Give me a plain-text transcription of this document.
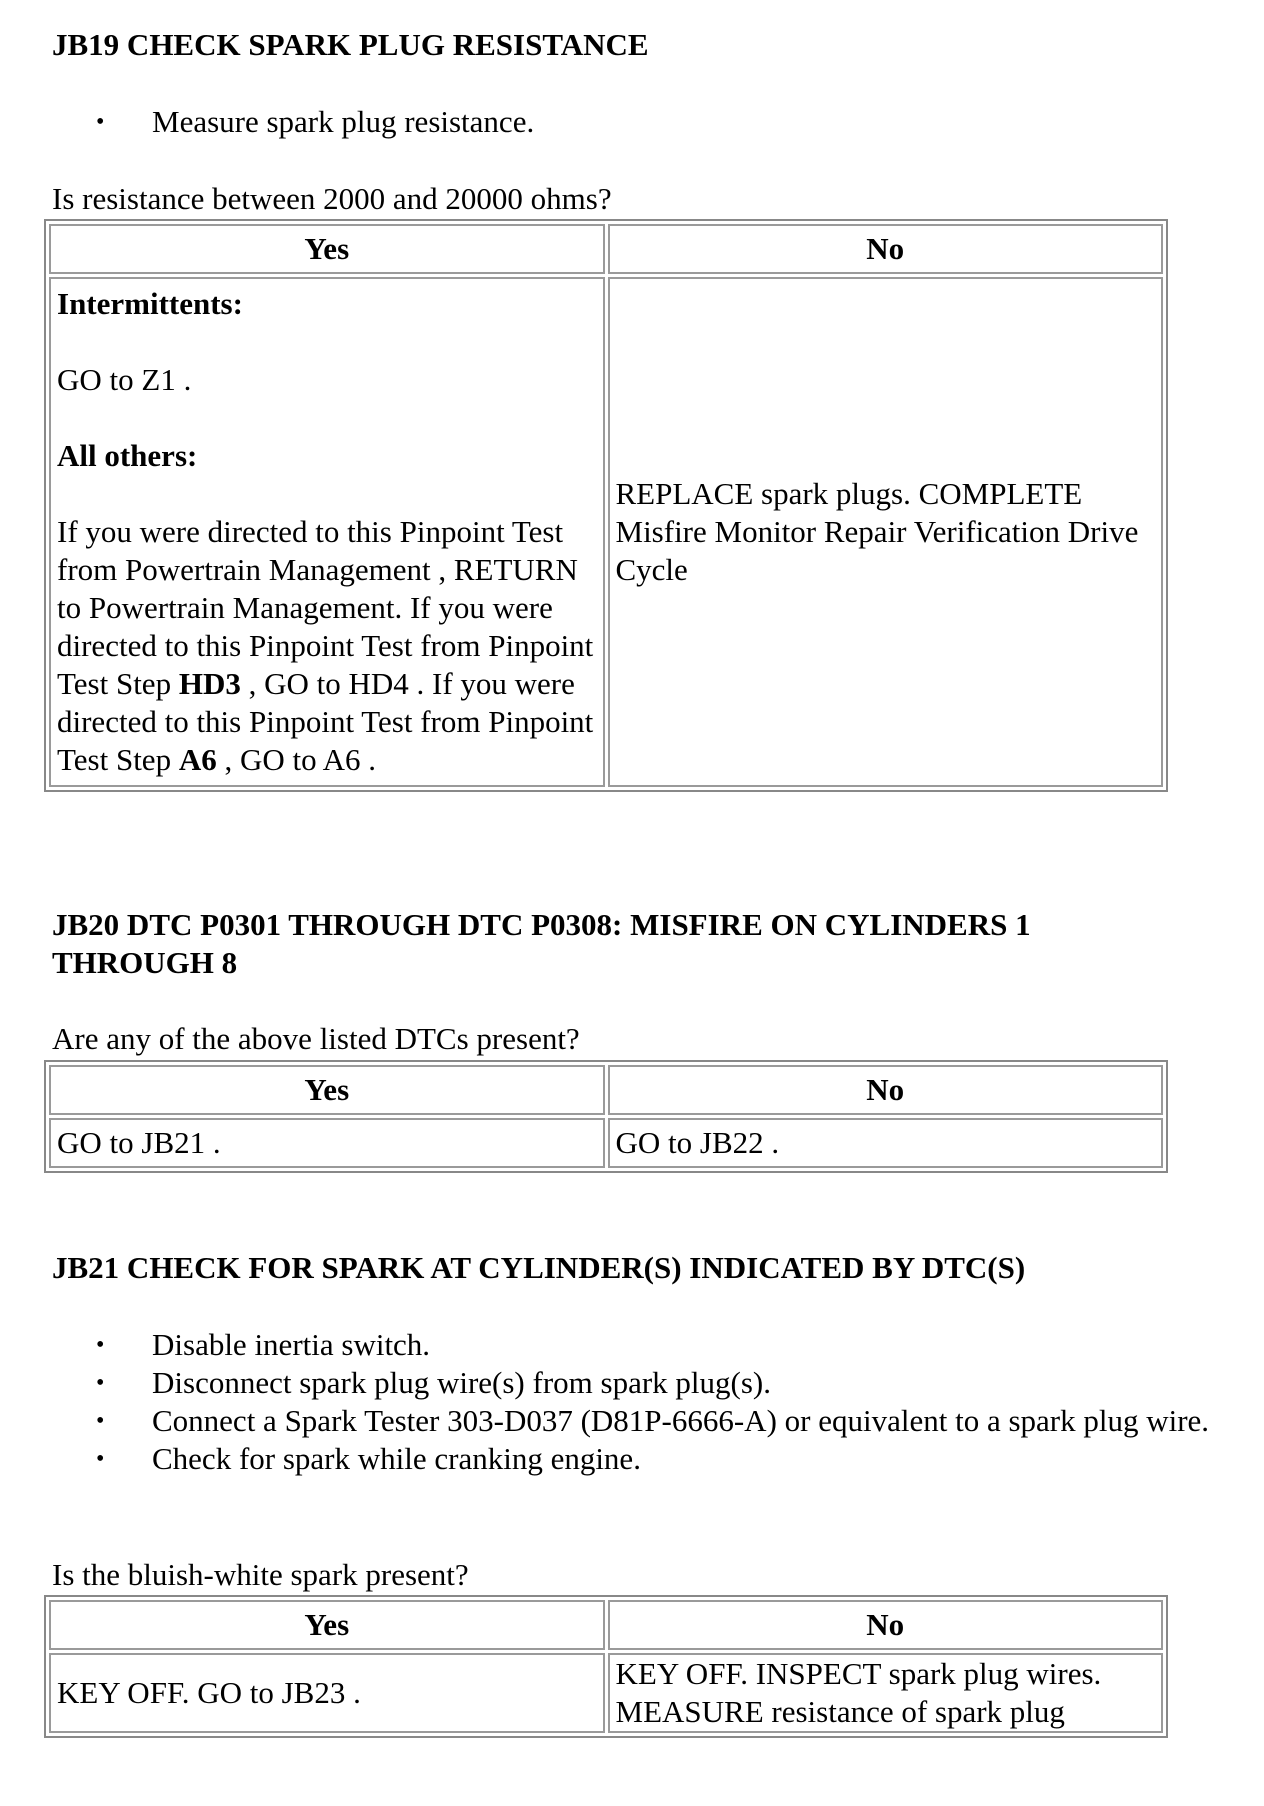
JB19 CHECK SPARK PLUG RESISTANCE
• Measure spark plug resistance.

Is resistance between 2000 and 20000 ohms?

Yes	No

Intermittents:

GO to Z1 .

All others:

If you were directed to this Pinpoint Test from Powertrain Management , RETURN to Powertrain Management. If you were directed to this Pinpoint Test from Pinpoint Test Step HD3 , GO to HD4 . If you were directed to this Pinpoint Test from Pinpoint Test Step A6 , GO to A6 .	REPLACE spark plugs. COMPLETE Misfire Monitor Repair Verification Drive Cycle
JB20 DTC P0301 THROUGH DTC P0308: MISFIRE ON CYLINDERS 1 THROUGH 8

Are any of the above listed DTCs present?

Yes	No
GO to JB21 .	GO to JB22 .
JB21 CHECK FOR SPARK AT CYLINDER(S) INDICATED BY DTC(S)
• Disable inertia switch.
• Disconnect spark plug wire(s) from spark plug(s).
• Connect a Spark Tester 303-D037 (D81P-6666-A) or equivalent to a spark plug wire.
• Check for spark while cranking engine.

Is the bluish-white spark present?

Yes	No
KEY OFF. GO to JB23 .	KEY OFF. INSPECT spark plug wires. MEASURE resistance of spark plug
